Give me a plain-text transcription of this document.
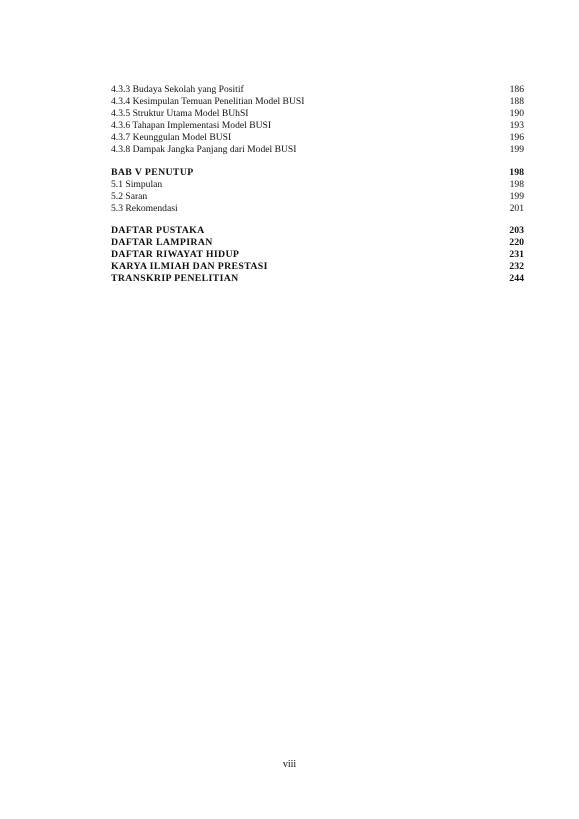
4.3.3 Budaya Sekolah yang Positif	186
4.3.4 Kesimpulan Temuan Penelitian Model BUSI	188
4.3.5 Struktur Utama Model BUhSI	190
4.3.6 Tahapan Implementasi Model BUSI	193
4.3.7 Keunggulan Model BUSI	196
4.3.8 Dampak Jangka Panjang dari Model BUSI	199
BAB V PENUTUP	198
5.1 Simpulan	198
5.2 Saran	199
5.3 Rekomendasi	201
DAFTAR PUSTAKA	203
DAFTAR LAMPIRAN	220
DAFTAR RIWAYAT HIDUP	231
KARYA ILMIAH DAN PRESTASI	232
TRANSKRIP PENELITIAN	244
viii
